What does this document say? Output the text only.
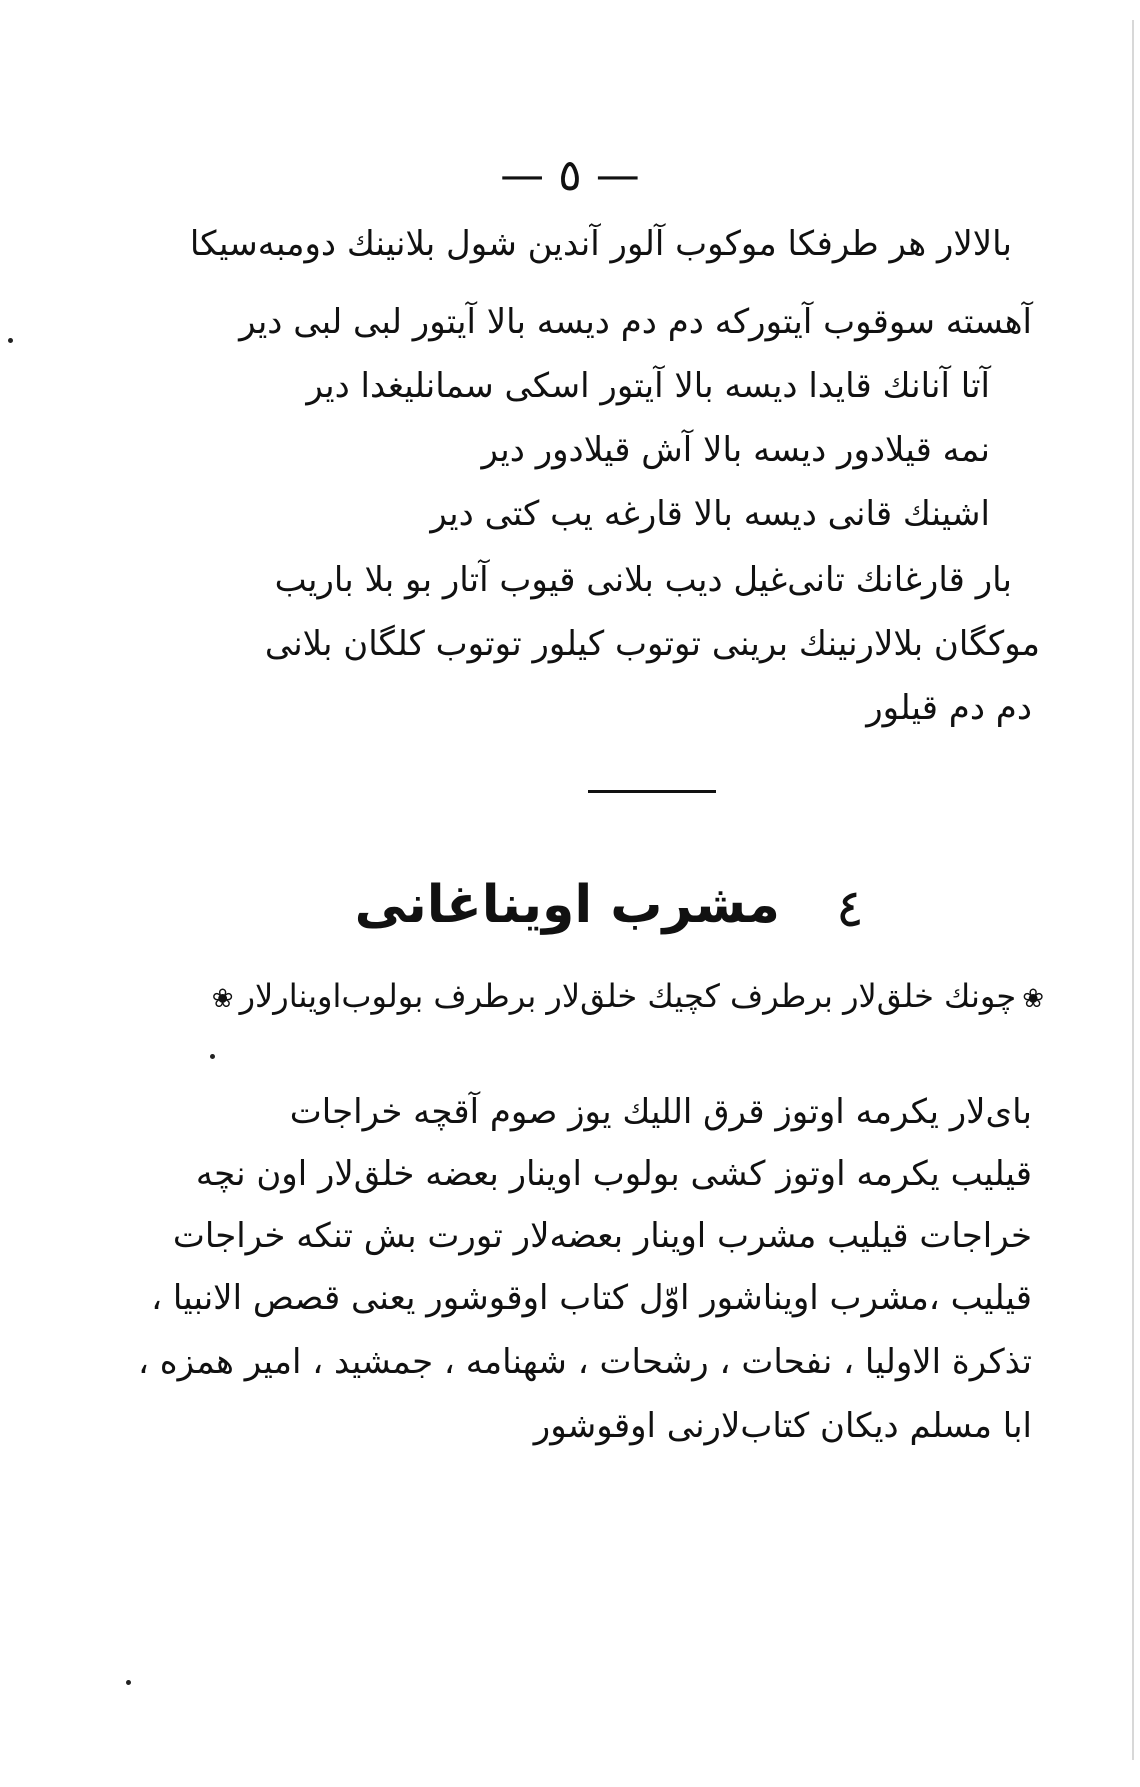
— ٥ —
بالالار هر طرفکا موکوب آلور آندین شول بلانینك دومبه‌سیکا
آهسته سوقوب آیتورکه دم دم دیسه بالا آیتور لبی لبی دیر
آتا آنانك قایدا دیسه بالا آیتور اسکی سمانلیغدا دیر
نمه قیلادور دیسه بالا آش قیلادور دیر
اشینك قانی دیسه بالا قارغه یب کتی دیر
بار قارغانك تانی‌غیل دیب بلانی قیوب آتار بو بلا باریب
موکگان بلالارنینك برینی توتوب کیلور توتوب کلگان بلانی
دم دم قیلور
٤
مشرب اویناغانی
❀چونك خلق‌لار برطرف کچیك خلق‌لار برطرف بولوب‌اوینارلار❀
بای‌لار یکرمه اوتوز قرق اللیك یوز صوم آقچه خراجات
قیلیب یکرمه اوتوز کشی بولوب اوینار بعضه خلق‌لار اون نچه
خراجات قیلیب مشرب اوینار بعضه‌لار تورت بش تنکه خراجات
قیلیب ،مشرب اویناشور اوّل کتاب اوقوشور یعنی قصص الانبیا ،
تذکرة الاولیا ، نفحات ، رشحات ، شهنامه ، جمشید ، امیر همزه ،
ابا مسلم دیکان کتاب‌لارنی اوقوشور
